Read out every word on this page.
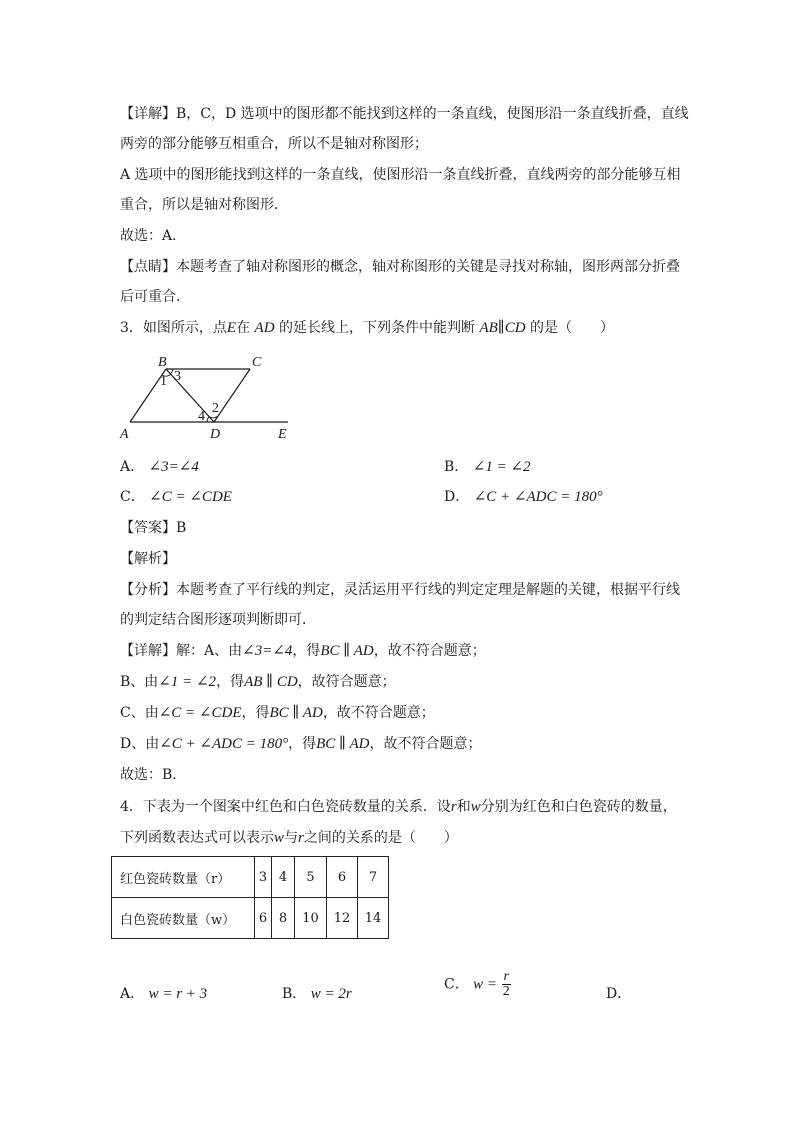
【详解】B，C，D 选项中的图形都不能找到这样的一条直线，使图形沿一条直线折叠，直线
两旁的部分能够互相重合，所以不是轴对称图形；
A 选项中的图形能找到这样的一条直线，使图形沿一条直线折叠，直线两旁的部分能够互相
重合，所以是轴对称图形．
故选：A．
【点睛】本题考查了轴对称图形的概念，轴对称图形的关键是寻找对称轴，图形两部分折叠
后可重合．
3．如图所示，点E在 AD 的延长线上，下列条件中能判断 AB∥CD 的是（　　）
B	C
A	D	E
1 3
4
2
A． ∠3=∠4	B． ∠1 = ∠2
C． ∠C = ∠CDE	D． ∠C + ∠ADC = 180°
【答案】B
【解析】
【分析】本题考查了平行线的判定，灵活运用平行线的判定定理是解题的关键，根据平行线
的判定结合图形逐项判断即可．
【详解】解：A、由∠3=∠4，得BC ∥ AD，故不符合题意；
B、由∠1 = ∠2，得AB ∥ CD，故符合题意；
C、由∠C = ∠CDE，得BC ∥ AD，故不符合题意；
D、由∠C + ∠ADC = 180°，得BC ∥ AD，故不符合题意；
故选：B．
4．下表为一个图案中红色和白色瓷砖数量的关系．设r和w分别为红色和白色瓷砖的数量，
下列函数表达式可以表示w与r之间的关系的是（　　）
红色瓷砖数量（r）	3	4	5	6	7
白色瓷砖数量（w）	6	8	10	12	14
A． w = r + 3	B． w = 2r
C． $w = \frac{r}{2}$	D．
